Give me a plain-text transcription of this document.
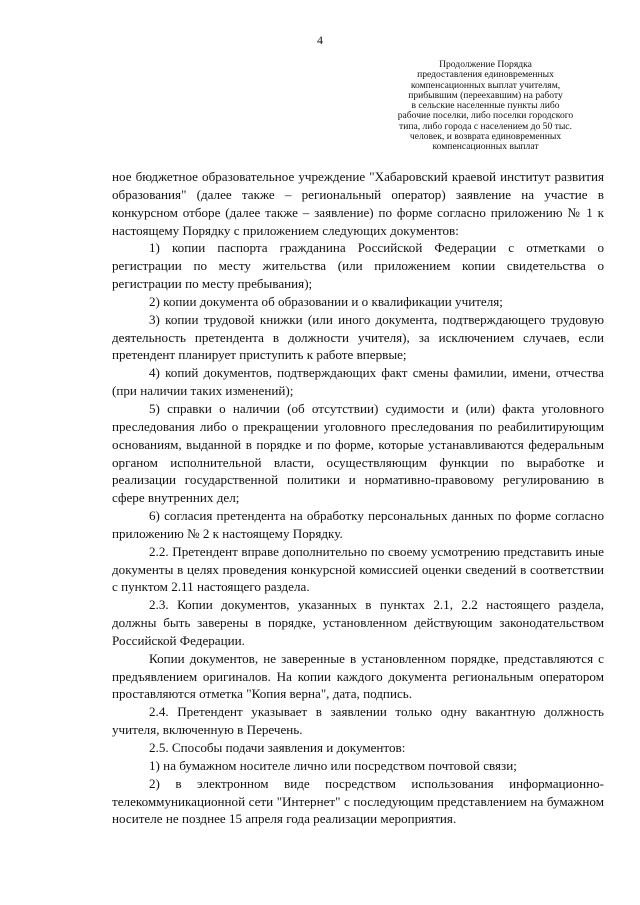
4
Продолжение Порядка
предоставления единовременных
компенсационных выплат учителям,
прибывшим (переехавшим) на работу
в сельские населенные пункты либо
рабочие поселки, либо поселки городского
типа, либо города с населением до 50 тыс.
человек, и возврата единовременных
компенсационных выплат

ное бюджетное образовательное учреждение "Хабаровский краевой институт развития образования" (далее также – региональный оператор) заявление на участие в конкурсном отборе (далее также – заявление) по форме согласно приложению № 1 к настоящему Порядку с приложением следующих документов:

1) копии паспорта гражданина Российской Федерации с отметками о регистрации по месту жительства (или приложением копии свидетельства о регистрации по месту пребывания);

2) копии документа об образовании и о квалификации учителя;

3) копии трудовой книжки (или иного документа, подтверждающего трудовую деятельность претендента в должности учителя), за исключением случаев, если претендент планирует приступить к работе впервые;

4) копий документов, подтверждающих факт смены фамилии, имени, отчества (при наличии таких изменений);

5) справки о наличии (об отсутствии) судимости и (или) факта уголовного преследования либо о прекращении уголовного преследования по реабилитирующим основаниям, выданной в порядке и по форме, которые устанавливаются федеральным органом исполнительной власти, осуществляющим функции по выработке и реализации государственной политики и нормативно-правовому регулированию в сфере внутренних дел;

6) согласия претендента на обработку персональных данных по форме согласно приложению № 2 к настоящему Порядку.

2.2. Претендент вправе дополнительно по своему усмотрению представить иные документы в целях проведения конкурсной комиссией оценки сведений в соответствии с пунктом 2.11 настоящего раздела.

2.3. Копии документов, указанных в пунктах 2.1, 2.2 настоящего раздела, должны быть заверены в порядке, установленном действующим законодательством Российской Федерации.

Копии документов, не заверенные в установленном порядке, представляются с предъявлением оригиналов. На копии каждого документа региональным оператором проставляются отметка "Копия верна", дата, подпись.

2.4. Претендент указывает в заявлении только одну вакантную должность учителя, включенную в Перечень.

2.5. Способы подачи заявления и документов:

1) на бумажном носителе лично или посредством почтовой связи;

2) в электронном виде посредством использования информационно-телекоммуникационной сети "Интернет" с последующим представлением на бумажном носителе не позднее 15 апреля года реализации мероприятия.
